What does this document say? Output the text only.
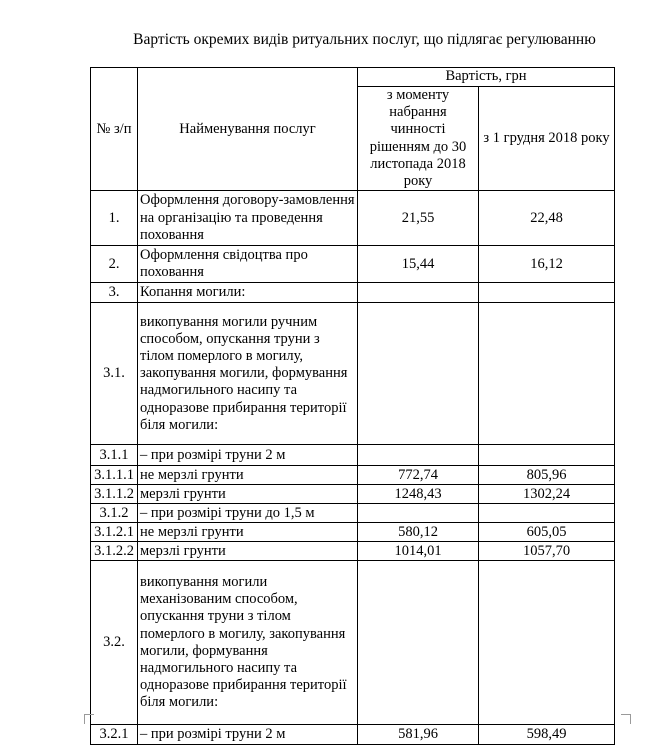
Вартість окремих видів ритуальних послуг, що підлягає регулюванню
№ з/п	Найменування послуг	Вартість, грн	
		з моменту набрання чинності рішенням до 30 листопада 2018 року	з 1 грудня 2018 року
1.	Оформлення договору-замовлення на організацію та проведення поховання	21,55	22,48
2.	Оформлення свідоцтва про поховання	15,44	16,12
3.	Копання могили:		
3.1.	викопування могили ручним способом, опускання труни з тілом померлого в могилу, закопування могили, формування надмогильного насипу та одноразове прибирання території біля могили:		
3.1.1	– при розмірі труни 2 м		
3.1.1.1	не мерзлі грунти	772,74	805,96
3.1.1.2	мерзлі грунти	1248,43	1302,24
3.1.2	– при розмірі труни до 1,5 м		
3.1.2.1	не мерзлі грунти	580,12	605,05
3.1.2.2	мерзлі грунти	1014,01	1057,70
3.2.	викопування могили механізованим способом, опускання труни з тілом померлого в могилу, закопування могили, формування надмогильного насипу та одноразове прибирання території біля могили:		
3.2.1	– при розмірі труни 2 м	581,96	598,49
